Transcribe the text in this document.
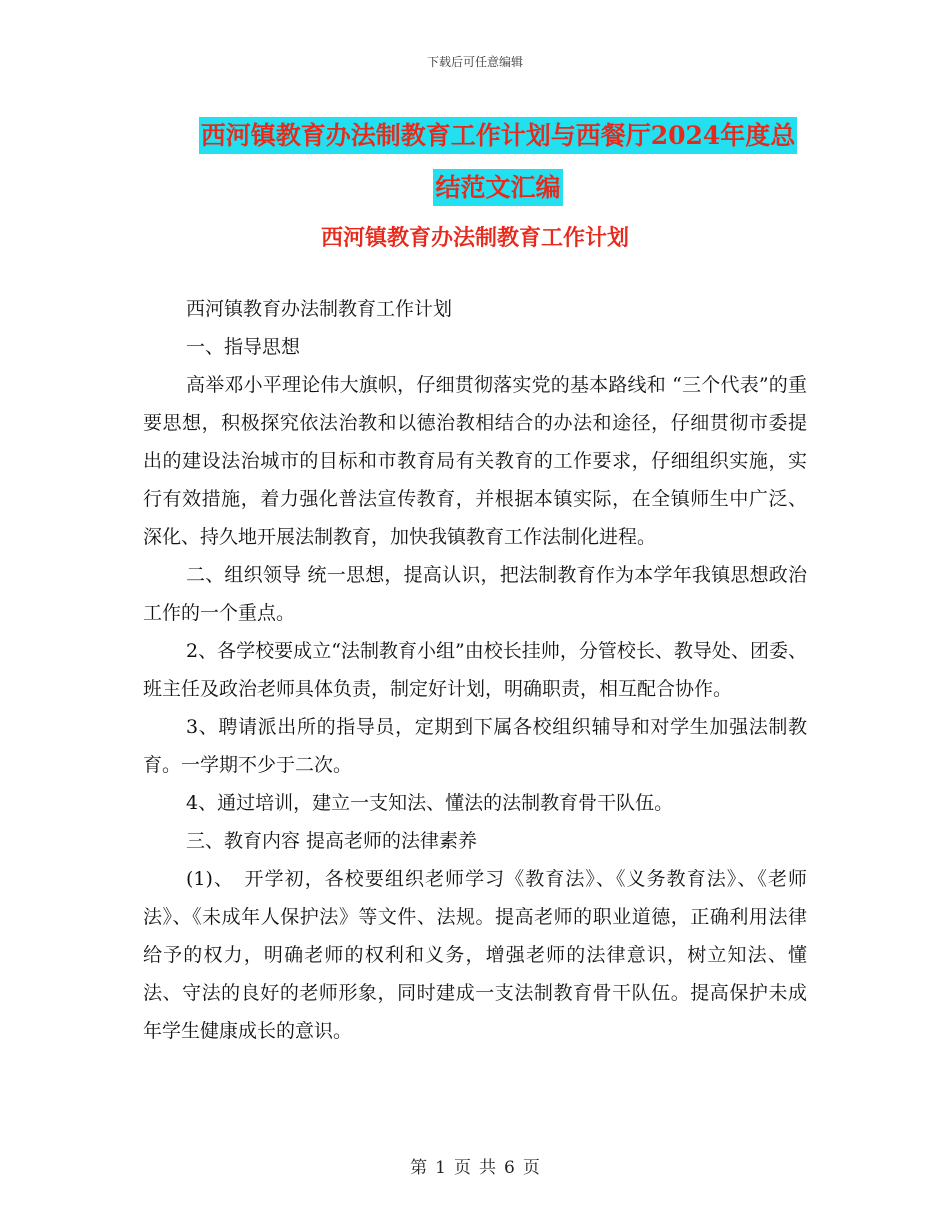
下载后可任意编辑
西河镇教育办法制教育工作计划与西餐厅2024年度总
结范文汇编
西河镇教育办法制教育工作计划

西河镇教育办法制教育工作计划

一、指导思想

高举邓小平理论伟大旗帜，仔细贯彻落实党的基本路线和 “三个代表”的重要思想，积极探究依法治教和以德治教相结合的办法和途径，仔细贯彻市委提出的建设法治城市的目标和市教育局有关教育的工作要求，仔细组织实施，实行有效措施，着力强化普法宣传教育，并根据本镇实际，在全镇师生中广泛、深化、持久地开展法制教育，加快我镇教育工作法制化进程。

二、组织领导 统一思想，提高认识，把法制教育作为本学年我镇思想政治工作的一个重点。

2、各学校要成立“法制教育小组”由校长挂帅，分管校长、教导处、团委、班主任及政治老师具体负责，制定好计划，明确职责，相互配合协作。

3、聘请派出所的指导员，定期到下属各校组织辅导和对学生加强法制教育。一学期不少于二次。

4、通过培训，建立一支知法、懂法的法制教育骨干队伍。

三、教育内容 提高老师的法律素养

(1)、　开学初，各校要组织老师学习《教育法》、《义务教育法》、《老师法》、《未成年人保护法》等文件、法规。提高老师的职业道德，正确利用法律给予的权力，明确老师的权利和义务，增强老师的法律意识，树立知法、懂法、守法的良好的老师形象，同时建成一支法制教育骨干队伍。提高保护未成年学生健康成长的意识。

第 1 页 共 6 页
